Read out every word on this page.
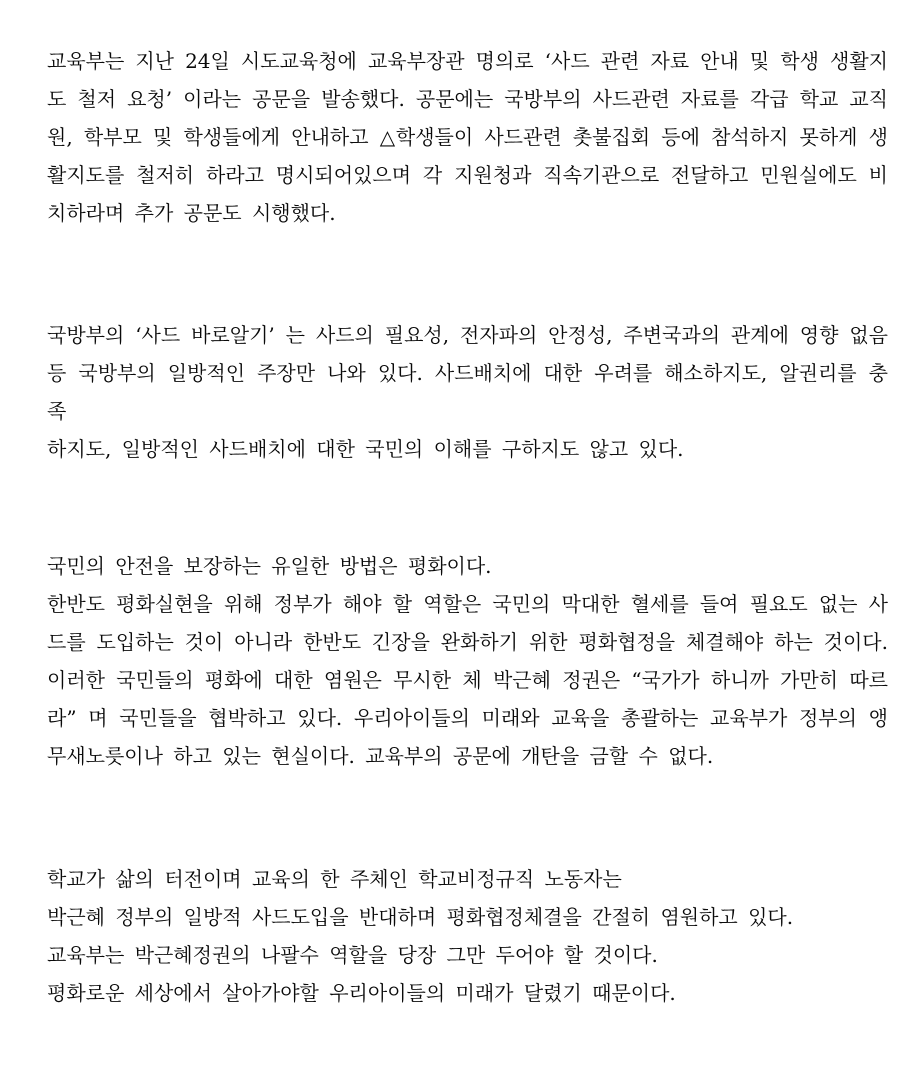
교육부는 지난 24일 시도교육청에 교육부장관 명의로 ‘사드 관련 자료 안내 및 학생 생활지
도 철저 요청’ 이라는 공문을 발송했다. 공문에는 국방부의 사드관련 자료를 각급 학교 교직
원, 학부모 및 학생들에게 안내하고 △학생들이 사드관련 촛불집회 등에 참석하지 못하게 생
활지도를 철저히 하라고 명시되어있으며 각 지원청과 직속기관으로 전달하고 민원실에도 비
치하라며 추가 공문도 시행했다.
국방부의 ‘사드 바로알기’ 는 사드의 필요성, 전자파의 안정성, 주변국과의 관계에 영향 없음
등 국방부의 일방적인 주장만 나와 있다. 사드배치에 대한 우려를 해소하지도, 알권리를 충족
하지도, 일방적인 사드배치에 대한 국민의 이해를 구하지도 않고 있다.
국민의 안전을 보장하는 유일한 방법은 평화이다.
한반도 평화실현을 위해 정부가 해야 할 역할은 국민의 막대한 혈세를 들여 필요도 없는 사
드를 도입하는 것이 아니라 한반도 긴장을 완화하기 위한 평화협정을 체결해야 하는 것이다.
이러한 국민들의 평화에 대한 염원은 무시한 체 박근혜 정권은 “국가가 하니까 가만히 따르
라” 며 국민들을 협박하고 있다. 우리아이들의 미래와 교육을 총괄하는 교육부가 정부의 앵
무새노릇이나 하고 있는 현실이다. 교육부의 공문에 개탄을 금할 수 없다.
학교가 삶의 터전이며 교육의 한 주체인 학교비정규직 노동자는
박근혜 정부의 일방적 사드도입을 반대하며 평화협정체결을 간절히 염원하고 있다.
교육부는 박근혜정권의 나팔수 역할을 당장 그만 두어야 할 것이다.
평화로운 세상에서 살아가야할 우리아이들의 미래가 달렸기 때문이다.
